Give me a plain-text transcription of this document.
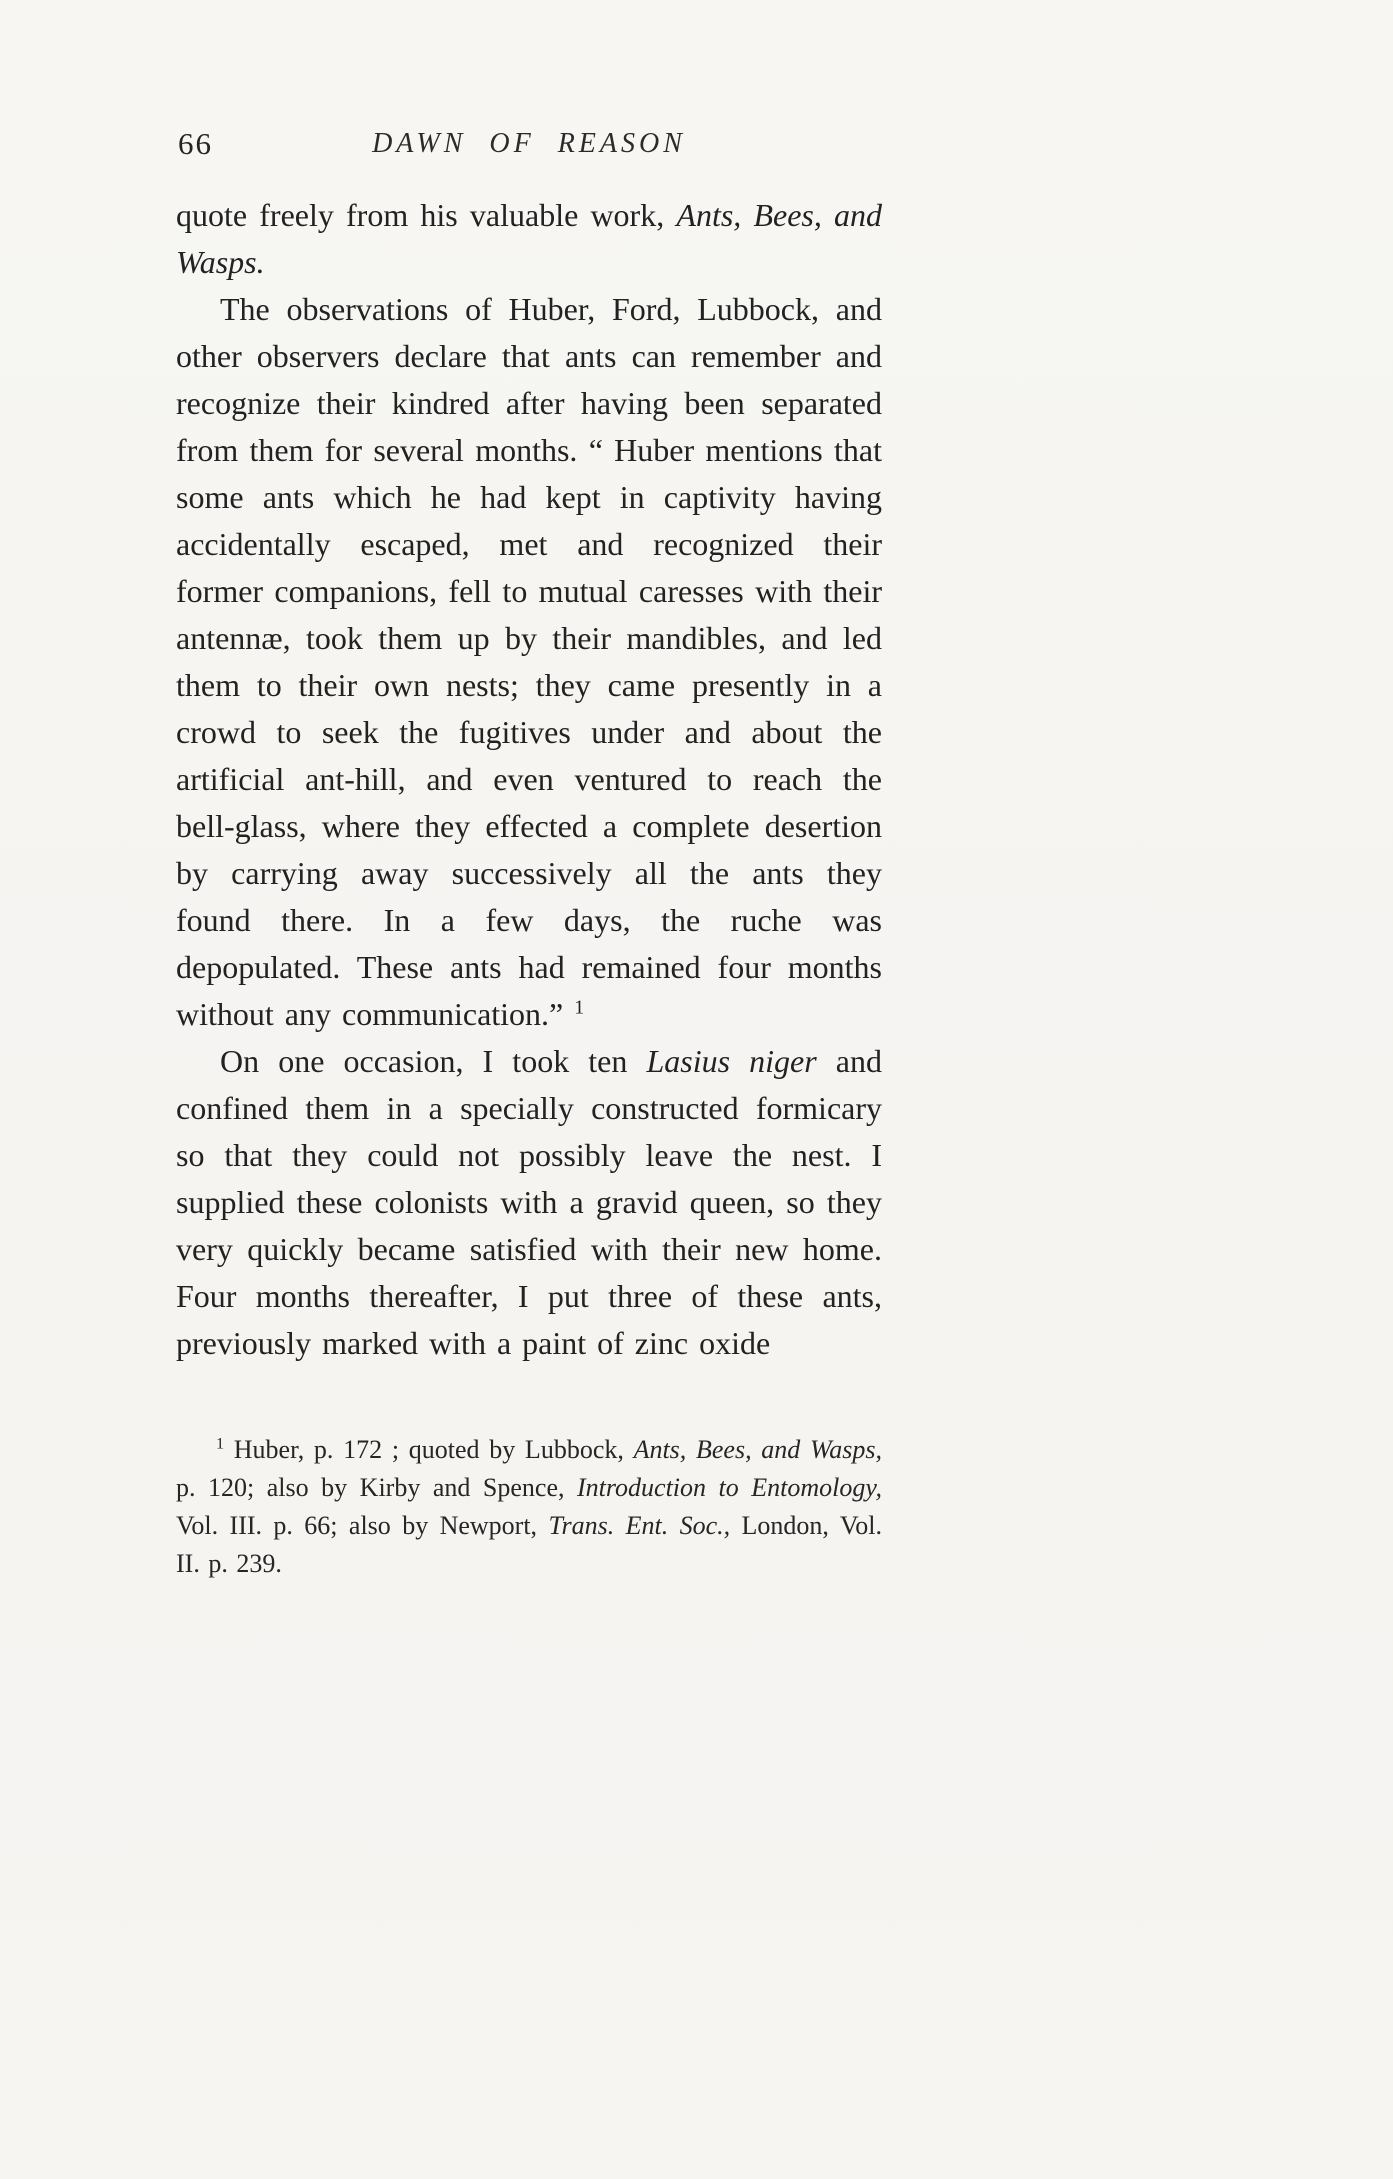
66	DAWN OF REASON

quote freely from his valuable work, Ants, Bees, and Wasps.

The observations of Huber, Ford, Lubbock, and other observers declare that ants can remember and recognize their kindred after having been separated from them for several months. “ Huber mentions that some ants which he had kept in captivity having accidentally escaped, met and recognized their former companions, fell to mutual caresses with their antennæ, took them up by their mandibles, and led them to their own nests; they came presently in a crowd to seek the fugitives under and about the artificial ant-hill, and even ventured to reach the bell-glass, where they effected a complete desertion by carrying away successively all the ants they found there. In a few days, the ruche was depopulated. These ants had remained four months without any communication.” $^1$

On one occasion, I took ten Lasius niger and confined them in a specially constructed formicary so that they could not possibly leave the nest. I supplied these colonists with a gravid queen, so they very quickly became satisfied with their new home. Four months thereafter, I put three of these ants, previously marked with a paint of zinc oxide

$^1$ Huber, p. 172 ; quoted by Lubbock, Ants, Bees, and Wasps, p. 120; also by Kirby and Spence, Introduction to Entomology, Vol. III. p. 66; also by Newport, Trans. Ent. Soc., London, Vol. II. p. 239.
